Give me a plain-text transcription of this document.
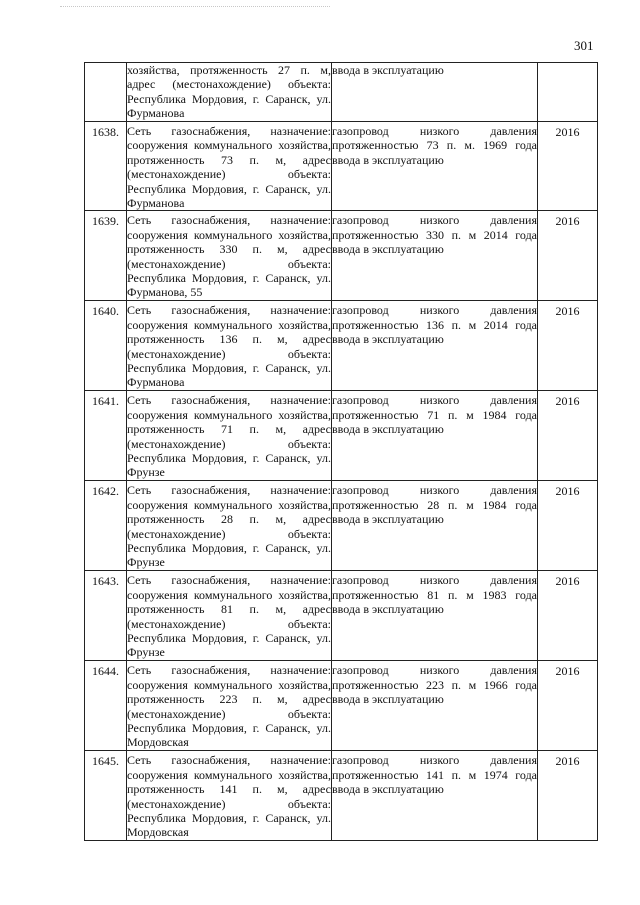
301
	хозяйства, протяженность 27 п. м, адрес (местонахождение) объекта: Республика Мордовия, г. Саранск, ул. Фурманова	ввода в эксплуатацию	
1638.	Сеть газоснабжения, назначение: сооружения коммунального хозяйства, протяженность 73 п. м, адрес (местонахождение) объекта: Республика Мордовия, г. Саранск, ул. Фурманова	газопровод низкого давления протяженностью 73 п. м. 1969 года ввода в эксплуатацию	2016
1639.	Сеть газоснабжения, назначение: сооружения коммунального хозяйства, протяженность 330 п. м, адрес (местонахождение) объекта: Республика Мордовия, г. Саранск, ул. Фурманова, 55	газопровод низкого давления протяженностью 330 п. м 2014 года ввода в эксплуатацию	2016
1640.	Сеть газоснабжения, назначение: сооружения коммунального хозяйства, протяженность 136 п. м, адрес (местонахождение) объекта: Республика Мордовия, г. Саранск, ул. Фурманова	газопровод низкого давления протяженностью 136 п. м 2014 года ввода в эксплуатацию	2016
1641.	Сеть газоснабжения, назначение: сооружения коммунального хозяйства, протяженность 71 п. м, адрес (местонахождение) объекта: Республика Мордовия, г. Саранск, ул. Фрунзе	газопровод низкого давления протяженностью 71 п. м 1984 года ввода в эксплуатацию	2016
1642.	Сеть газоснабжения, назначение: сооружения коммунального хозяйства, протяженность 28 п. м, адрес (местонахождение) объекта: Республика Мордовия, г. Саранск, ул. Фрунзе	газопровод низкого давления протяженностью 28 п. м 1984 года ввода в эксплуатацию	2016
1643.	Сеть газоснабжения, назначение: сооружения коммунального хозяйства, протяженность 81 п. м, адрес (местонахождение) объекта: Республика Мордовия, г. Саранск, ул. Фрунзе	газопровод низкого давления протяженностью 81 п. м 1983 года ввода в эксплуатацию	2016
1644.	Сеть газоснабжения, назначение: сооружения коммунального хозяйства, протяженность 223 п. м, адрес (местонахождение) объекта: Республика Мордовия, г. Саранск, ул. Мордовская	газопровод низкого давления протяженностью 223 п. м 1966 года ввода в эксплуатацию	2016
1645.	Сеть газоснабжения, назначение: сооружения коммунального хозяйства, протяженность 141 п. м, адрес (местонахождение) объекта: Республика Мордовия, г. Саранск, ул. Мордовская	газопровод низкого давления протяженностью 141 п. м 1974 года ввода в эксплуатацию	2016
